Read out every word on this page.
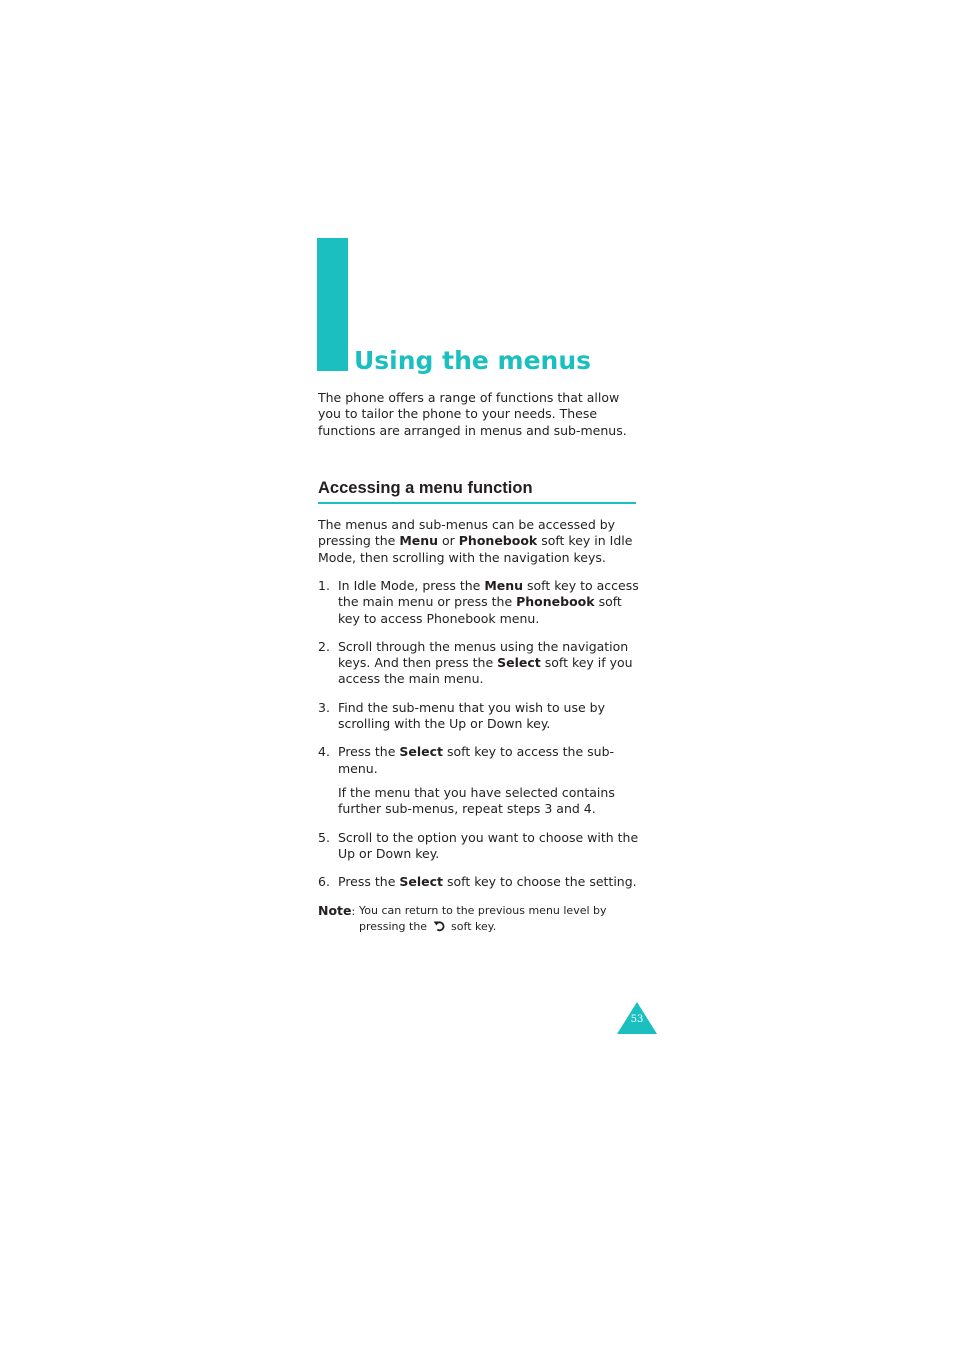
Using the menus

The phone offers a range of functions that allow you to tailor the phone to your needs. These functions are arranged in menus and sub-menus.

Accessing a menu function

The menus and sub-menus can be accessed by pressing the Menu or Phonebook soft key in Idle Mode, then scrolling with the navigation keys.

1. In Idle Mode, press the Menu soft key to access the main menu or press the Phonebook soft key to access Phonebook menu.
2. Scroll through the menus using the navigation keys. And then press the Select soft key if you access the main menu.
3. Find the sub-menu that you wish to use by scrolling with the Up or Down key.
4. Press the Select soft key to access the sub-menu.
If the menu that you have selected contains further sub-menus, repeat steps 3 and 4.
5. Scroll to the option you want to choose with the Up or Down key.
6. Press the Select soft key to choose the setting.
Note: You can return to the previous menu level by pressing the  soft key.
53
